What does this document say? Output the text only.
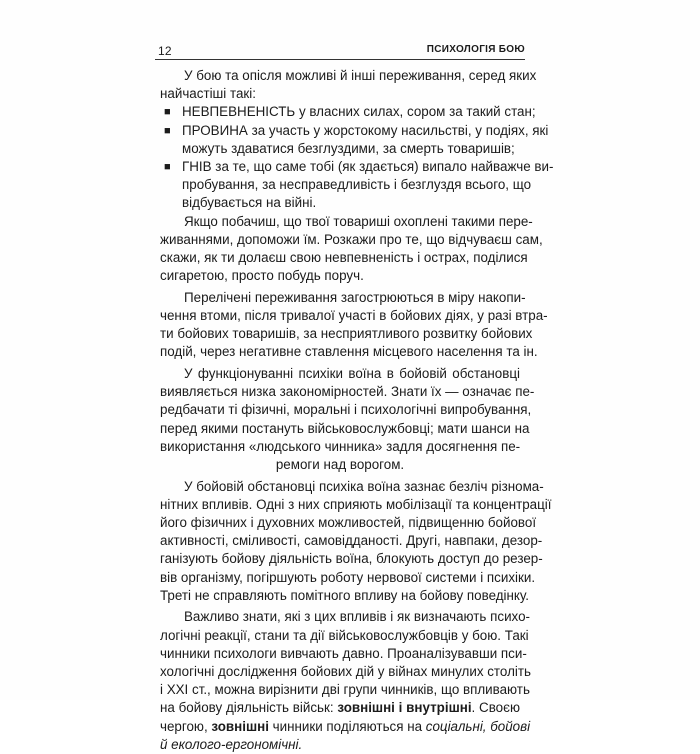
12	ПСИХОЛОГІЯ БОЮ
У бою та опісля можливі й інші переживання, серед яких
найчастіші такі:
■ НЕВПЕВНЕНІСТЬ у власних силах, сором за такий стан;
■ ПРОВИНА за участь у жорстокому насильстві, у подіях, які
можуть здаватися безглуздими, за смерть товаришів;
■ ГНІВ за те, що саме тобі (як здається) випало найважче ви-
пробування, за несправедливість і безглуздя всього, що
відбувається на війні.
Якщо побачиш, що твої товариші охоплені такими пере-
живаннями, допоможи їм. Розкажи про те, що відчуваєш сам,
скажи, як ти долаєш свою невпевненість і острах, поділися
сигаретою, просто побудь поруч.
Перелічені переживання загострюються в міру накопи-
чення втоми, після тривалої участі в бойових діях, у разі втра-
ти бойових товаришів, за несприятливого розвитку бойових
подій, через негативне ставлення місцевого населення та ін.
У функціонуванні психіки воїна в бойовій обстановці
виявляється низка закономірностей. Знати їх — означає пе-
редбачати ті фізичні, моральні і психологічні випробування,
перед якими постануть військовослужбовці; мати шанси на
використання «людського чинника» задля досягнення пе-
ремоги над ворогом.
У бойовій обстановці психіка воїна зазнає безліч різнома-
нітних впливів. Одні з них сприяють мобілізації та концентрації
його фізичних і духовних можливостей, підвищенню бойової
активності, сміливості, самовідданості. Другі, навпаки, дезор-
ганізують бойову діяльність воїна, блокують доступ до резер-
вів організму, погіршують роботу нервової системи і психіки.
Треті не справляють помітного впливу на бойову поведінку.
Важливо знати, які з цих впливів і як визначають психо-
логічні реакції, стани та дії військовослужбовців у бою. Такі
чинники психологи вивчають давно. Проаналізувавши пси-
хологічні дослідження бойових дій у війнах минулих століть
і XXI ст., можна вирізнити дві групи чинників, що впливають
на бойову діяльність військ: зовнішні і внутрішні. Своєю
чергою, зовнішні чинники поділяються на соціальні, бойові
й еколого-ергономічні.
